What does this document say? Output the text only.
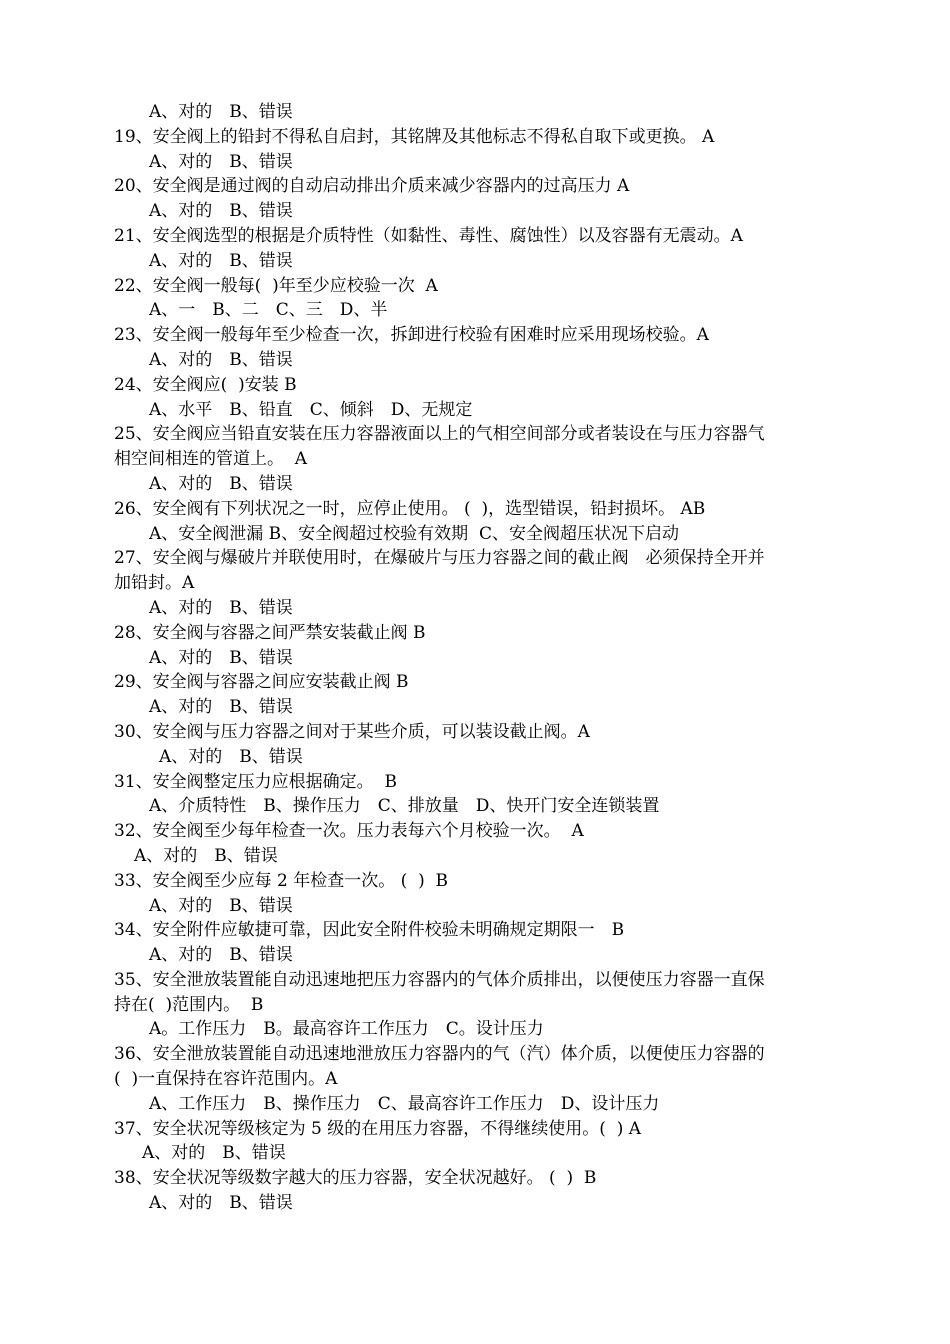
A、对的　B、错误
19、安全阀上的铅封不得私自启封，其铭牌及其他标志不得私自取下或更换。 A
A、对的　B、错误
20、安全阀是通过阀的自动启动排出介质来减少容器内的过高压力 A
A、对的　B、错误
21、安全阀选型的根据是介质特性（如黏性、毒性、腐蚀性）以及容器有无震动。A
A、对的　B、错误
22、安全阀一般每(  )年至少应校验一次  A
A、一　B、二　C、三　D、半
23、安全阀一般每年至少检查一次，拆卸进行校验有困难时应采用现场校验。A
A、对的　B、错误
24、安全阀应(  )安装 B
A、水平　B、铅直　C、倾斜　D、无规定
25、安全阀应当铅直安装在压力容器液面以上的气相空间部分或者装设在与压力容器气
相空间相连的管道上。  A
A、对的　B、错误
26、安全阀有下列状况之一时，应停止使用。 (  )，选型错误，铅封损坏。 AB
A、安全阀泄漏 B、安全阀超过校验有效期  C、安全阀超压状况下启动
27、安全阀与爆破片并联使用时，在爆破片与压力容器之间的截止阀　必须保持全开并
加铅封。A
A、对的　B、错误
28、安全阀与容器之间严禁安装截止阀 B
A、对的　B、错误
29、安全阀与容器之间应安装截止阀 B
A、对的　B、错误
30、安全阀与压力容器之间对于某些介质，可以装设截止阀。A
A、对的　B、错误
31、安全阀整定压力应根据确定。  B
A、介质特性　B、操作压力　C、排放量　D、快开门安全连锁装置
32、安全阀至少每年检查一次。压力表每六个月校验一次。  A
A、对的　B、错误
33、安全阀至少应每 2 年检查一次。 (  )  B
A、对的　B、错误
34、安全附件应敏捷可靠，因此安全附件校验未明确规定期限一　B
A、对的　B、错误
35、安全泄放装置能自动迅速地把压力容器内的气体介质排出，以便使压力容器一直保
持在(  )范围内。  B
A。工作压力　B。最高容许工作压力　C。设计压力
36、安全泄放装置能自动迅速地泄放压力容器内的气（汽）体介质，以便使压力容器的
(  )一直保持在容许范围内。A
A、工作压力　B、操作压力　C、最高容许工作压力　D、设计压力
37、安全状况等级核定为 5 级的在用压力容器，不得继续使用。(  ) A
A、对的　B、错误
38、安全状况等级数字越大的压力容器，安全状况越好。 (  )  B
A、对的　B、错误
